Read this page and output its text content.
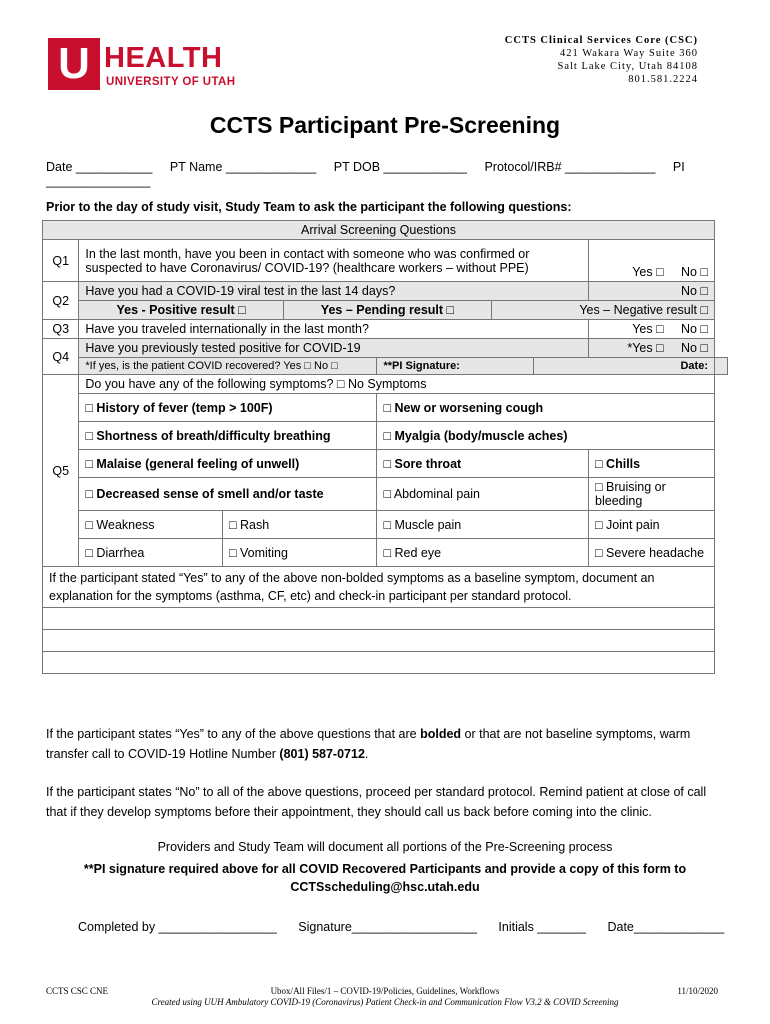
U HEALTH
UNIVERSITY OF UTAH
CCTS Clinical Services Core (CSC)
421 Wakara Way Suite 360
Salt Lake City, Utah 84108
801.581.2224
CCTS Participant Pre-Screening
Date ___________ PT Name _____________ PT DOB ____________ Protocol/IRB# _____________ PI _______________
Prior to the day of study visit, Study Team to ask the participant the following questions:
Arrival Screening Questions								
Q1	In the last month, have you been in contact with someone who was confirmed or suspected to have Coronavirus/ COVID-19? (healthcare workers – without PPE)						Yes □ No □	
Q2	Have you had a COVID-19 viral test in the last 14 days?						No □	
	Yes - Positive result □		Yes – Pending result □		Yes – Negative result □			
Q3	Have you traveled internationally in the last month?						Yes □ No □	
Q4	Have you previously tested positive for COVID-19						*Yes □ No □	
	*If yes, is the patient COVID recovered? Yes □ No □			**PI Signature:		Date:		
Q5	Do you have any of the following symptoms? □ No Symptoms							
	□ History of fever (temp > 100F)			□ New or worsening cough				
	□ Shortness of breath/difficulty breathing			□ Myalgia (body/muscle aches)				
	□ Malaise (general feeling of unwell)			□ Sore throat			□ Chills	
	□ Decreased sense of smell and/or taste			□ Abdominal pain			□ Bruising or bleeding	
	□ Weakness	□ Rash		□ Muscle pain			□ Joint pain	
	□ Diarrhea	□ Vomiting		□ Red eye			□ Severe headache	
If the participant stated “Yes” to any of the above non-bolded symptoms as a baseline symptom, document an explanation for the symptoms (asthma, CF, etc) and check-in participant per standard protocol.								

If the participant states “Yes” to any of the above questions that are bolded or that are not baseline symptoms, warm transfer call to COVID-19 Hotline Number (801) 587-0712.
If the participant states “No” to all of the above questions, proceed per standard protocol. Remind patient at close of call that if they develop symptoms before their appointment, they should call us back before coming into the clinic.
Providers and Study Team will document all portions of the Pre-Screening process
**PI signature required above for all COVID Recovered Participants and provide a copy of this form to
CCTSscheduling@hsc.utah.edu
Completed by _________________ Signature__________________ Initials _______ Date_____________
CCTS CSC CNE	Ubox/All Files/1 – COVID-19/Policies, Guidelines, Workflows	11/10/2020
Created using UUH Ambulatory COVID-19 (Coronavirus) Patient Check-in and Communication Flow V3.2 & COVID Screening
